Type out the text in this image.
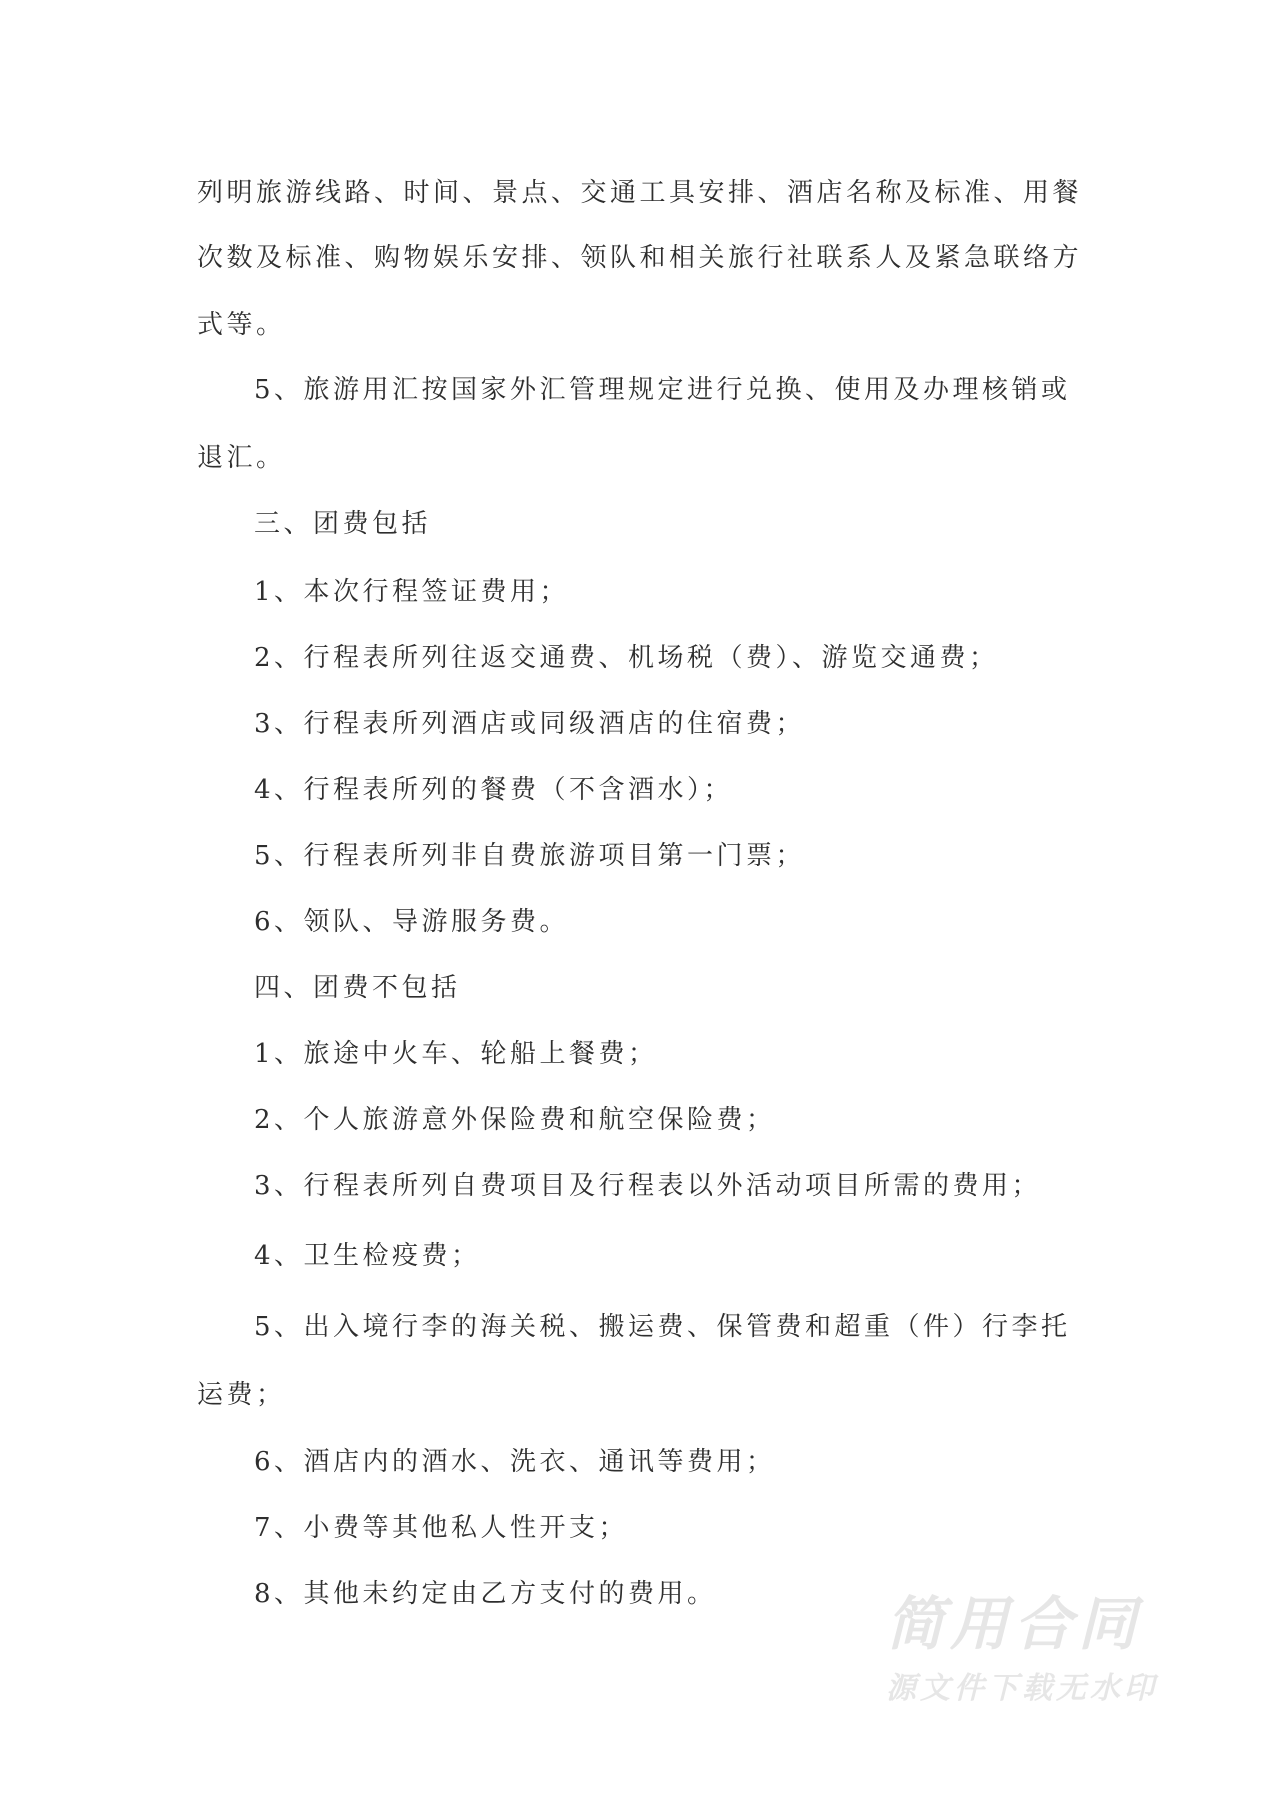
列明旅游线路、时间、景点、交通工具安排、酒店名称及标准、用餐
次数及标准、购物娱乐安排、领队和相关旅行社联系人及紧急联络方
式等。
5、旅游用汇按国家外汇管理规定进行兑换、使用及办理核销或
退汇。
三、团费包括
1、本次行程签证费用；
2、行程表所列往返交通费、机场税（费）、游览交通费；
3、行程表所列酒店或同级酒店的住宿费；
4、行程表所列的餐费（不含酒水）；
5、行程表所列非自费旅游项目第一门票；
6、领队、导游服务费。
四、团费不包括
1、旅途中火车、轮船上餐费；
2、个人旅游意外保险费和航空保险费；
3、行程表所列自费项目及行程表以外活动项目所需的费用；
4、卫生检疫费；
5、出入境行李的海关税、搬运费、保管费和超重（件）行李托
运费；
6、酒店内的酒水、洗衣、通讯等费用；
7、小费等其他私人性开支；
8、其他未约定由乙方支付的费用。	简用合同
源文件下载无水印
